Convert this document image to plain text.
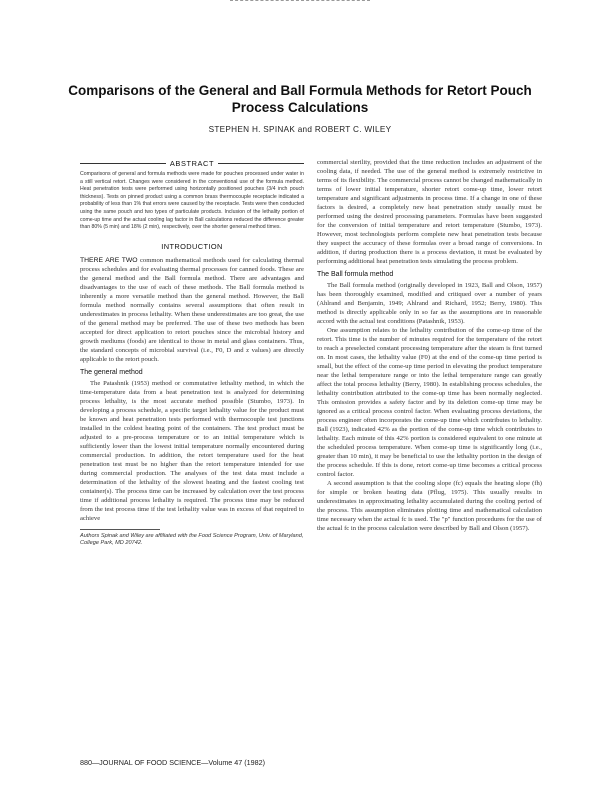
Comparisons of the General and Ball Formula Methods for Retort Pouch Process Calculations
STEPHEN H. SPINAK and ROBERT C. WILEY
ABSTRACT

Comparisons of general and formula methods were made for pouches processed under water in a still vertical retort. Changes were considered in the conventional use of the formula method. Heat penetration tests were performed using horizontally positioned pouches (3/4 inch pouch thickness). Tests on pinned product using a common brass thermocouple receptacle indicated a probability of less than 1% that errors were caused by the receptacle. Tests were then conducted using the same pouch and two types of particulate products. Inclusion of the lethality portion of come-up time and the actual cooling lag factor in Ball calculations reduced the difference greater than 80% (5 min) and 18% (2 min), respectively, over the shorter general method times.

INTRODUCTION

THERE ARE TWO common mathematical methods used for calculating thermal process schedules and for evaluating thermal processes for canned foods. These are the general method and the Ball formula method. There are advantages and disadvantages to the use of each of these methods. The Ball formula method is inherently a more versatile method than the general method. However, the Ball formula method normally contains several assumptions that often result in underestimates in process lethality. When these underestimates are too great, the use of the general method may be preferred. The use of these two methods has been accepted for direct application to retort pouches since the microbial history and growth mediums (foods) are identical to those in metal and glass containers. Thus, the standard concepts of microbial survival (i.e., F0, D and z values) are directly applicable to the retort pouch.

The general method

The Patashnik (1953) method or commutative lethality method, in which the time-temperature data from a heat penetration test is analyzed for determining process lethality, is the most accurate method possible (Stumbo, 1973). In developing a process schedule, a specific target lethality value for the product must be known and heat penetration tests performed with thermocouple test junctions installed in the coldest heating point of the containers. The test product must be adjusted to a pre-process temperature or to an initial temperature which is sufficiently lower than the lowest initial temperature normally encountered during commercial production. In addition, the retort temperature used for the heat penetration test must be no higher than the retort temperature intended for use during commercial production. The analyses of the test data must include a determination of the lethality of the slowest heating and the fastest cooling test container(s). The process time can be increased by calculation over the test process time if additional process lethality is required. The process time may be reduced from the test process time if the test lethality value was in excess of that required to achieve

Authors Spinak and Wiley are affiliated with the Food Science Program, Univ. of Maryland, College Park, MD 20742.

commercial sterility, provided that the time reduction includes an adjustment of the cooling data, if needed. The use of the general method is extremely restrictive in terms of its flexibility. The commercial process cannot be changed mathematically in terms of lower initial temperature, shorter retort come-up time, lower retort temperature and significant adjustments in process time. If a change in one of these factors is desired, a completely new heat penetration study usually must be performed using the desired processing parameters. Formulas have been suggested for the conversion of initial temperature and retort temperature (Stumbo, 1973). However, most technologists perform complete new heat penetration tests because they suspect the accuracy of these formulas over a broad range of conversions. In addition, if during production there is a process deviation, it must be evaluated by performing additional heat penetration tests simulating the process problem.

The Ball formula method

The Ball formula method (originally developed in 1923, Ball and Olson, 1957) has been thoroughly examined, modified and critiqued over a number of years (Ahlrand and Benjamin, 1949; Ahlrand and Richard, 1952; Berry, 1980). This method is directly applicable only in so far as the assumptions are in reasonable accord with the actual test conditions (Patashnik, 1953).

One assumption relates to the lethality contribution of the come-up time of the retort. This time is the number of minutes required for the temperature of the retort to reach a preselected constant processing temperature after the steam is first turned on. In most cases, the lethality value (F0) at the end of the come-up time period is small, but the effect of the come-up time period in elevating the product temperature near the lethal temperature range or into the lethal temperature range can greatly affect the total process lethality (Berry, 1980). In establishing process schedules, the lethality contribution attributed to the come-up time has been normally neglected. This omission provides a safety factor and by its deletion come-up time may be ignored as a critical process control factor. When evaluating process deviations, the process engineer often incorporates the come-up time which contributes to lethality. Ball (1923), indicated 42% as the portion of the come-up time which contributes to lethality. Each minute of this 42% portion is considered equivalent to one minute at the scheduled process temperature. When come-up time is significantly long (i.e., greater than 10 min), it may be beneficial to use the lethality portion in the design of the process schedule. If this is done, retort come-up time becomes a critical process control factor.

A second assumption is that the cooling slope (fc) equals the heating slope (fh) for simple or broken heating data (Pflug, 1975). This usually results in underestimates in approximating lethality accumulated during the cooling period of the process. This assumption eliminates plotting time and mathematical calculation time necessary when the actual fc is used. The "p" function procedures for the use of the actual fc in the process calculation were described by Ball and Olson (1957).

880—JOURNAL OF FOOD SCIENCE—Volume 47 (1982)
